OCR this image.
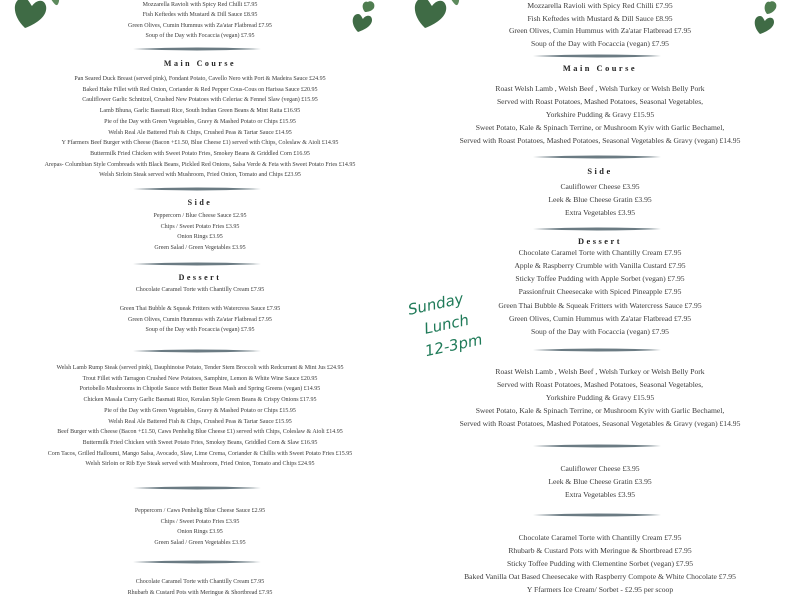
Mozzarella Ravioli with Spicy Red Chilli £7.95
Fish Keftedes with Mustard & Dill Sauce £8.95
Green Olives, Cumin Hummus with Za'atar Flatbread £7.95
Soup of the Day with Focaccia (vegan) £7.95
Main Course
Pan Seared Duck Breast (served pink), Fondant Potato, Cavello Nero with Port & Madeira Sauce £24.95
Baked Hake Fillet with Red Onion, Coriander & Red Pepper Cous-Cous on Harissa Sauce £20.95
Cauliflower Garlic Schnitzel, Crushed New Potatoes with Celeriac & Fennel Slaw (vegan) £15.95
Lamb Bhuna, Garlic Basmati Rice, South Indian Green Beans & Mint Raita £16.95
Pie of the Day with Green Vegetables, Gravy & Mashed Potato or Chips £15.95
Welsh Real Ale Battered Fish & Chips, Crushed Peas & Tartar Sauce £14.95
Y Ffarmers Beef Burger with Cheese (Bacon +£1.50, Blue Cheese £1) served with Chips, Coleslaw & Aioli £14.95
Buttermilk Fried Chicken with Sweet Potato Fries, Smokey Beans & Griddled Corn £16.95
Arepas- Columbian Style Cornbreads with Black Beans, Pickled Red Onions, Salsa Verde & Feta with Sweet Potato Fries £14.95
Welsh Sirloin Steak served with Mushroom, Fried Onion, Tomato and Chips £23.95
Side
Peppercorn / Blue Cheese Sauce £2.95
Chips / Sweet Potato Fries £3.95
Onion Rings £3.95
Green Salad / Green Vegetables £3.95
Dessert
Chocolate Caramel Torte with Chantilly Cream £7.95
Green Thai Bubble & Squeak Fritters with Watercress Sauce £7.95
Green Olives, Cumin Hummus with Za'atar Flatbread £7.95
Soup of the Day with Focaccia (vegan) £7.95
Welsh Lamb Rump Steak (served pink), Dauphinoise Potato, Tender Stem Broccoli with Redcurrant & Mint Jus £24.95
Trout Fillet with Tarragon Crushed New Potatoes, Samphire, Lemon & White Wine Sauce £20.95
Portobello Mushrooms in Chipotle Sauce with Butter Bean Mash and Spring Greens (vegan) £14.95
Chicken Masala Curry Garlic Basmati Rice, Keralan Style Green Beans & Crispy Onions £17.95
Pie of the Day with Green Vegetables, Gravy & Mashed Potato or Chips £15.95
Welsh Real Ale Battered Fish & Chips, Crushed Peas & Tartar Sauce £15.95
Beef Burger with Cheese (Bacon +£1.50, Caws Penhelig Blue Cheese £1) served with Chips, Coleslaw & Aioli £14.95
Buttermilk Fried Chicken with Sweet Potato Fries, Smokey Beans, Griddled Corn & Slaw £16.95
Corn Tacos, Grilled Halloumi, Mango Salsa, Avocado, Slaw, Lime Crema, Coriander & Chillis with Sweet Potato Fries £15.95
Welsh Sirloin or Rib Eye Steak served with Mushroom, Fried Onion, Tomato and Chips £24.95
Peppercorn / Caws Penhelig Blue Cheese Sauce £2.95
Chips / Sweet Potato Fries £3.95
Onion Rings £3.95
Green Salad / Green Vegetables £3.95
Chocolate Caramel Torte with Chantilly Cream £7.95
Rhubarb & Custard Pots with Meringue & Shortbread £7.95
Mozzarella Ravioli with Spicy Red Chilli £7.95
Fish Keftedes with Mustard & Dill Sauce £8.95
Green Olives, Cumin Hummus with Za'atar Flatbread £7.95
Soup of the Day with Focaccia (vegan) £7.95
Main Course
Roast Welsh Lamb , Welsh Beef , Welsh Turkey or Welsh Belly Pork
Served with Roast Potatoes, Mashed Potatoes, Seasonal Vegetables,
Yorkshire Pudding & Gravy £15.95
Sweet Potato, Kale & Spinach Terrine, or Mushroom Kyiv with Garlic Bechamel,
Served with Roast Potatoes, Mashed Potatoes, Seasonal Vegetables & Gravy (vegan) £14.95
Side
Cauliflower Cheese £3.95
Leek & Blue Cheese Gratin £3.95
Extra Vegetables £3.95
Dessert
Chocolate Caramel Torte with Chantilly Cream £7.95
Apple & Raspberry Crumble with Vanilla Custard £7.95
Sticky Toffee Pudding with Apple Sorbet (vegan) £7.95
Passionfruit Cheesecake with Spiced Pineapple £7.95
Green Thai Bubble & Squeak Fritters with Watercress Sauce £7.95
Green Olives, Cumin Hummus with Za'atar Flatbread £7.95
Soup of the Day with Focaccia (vegan) £7.95
Roast Welsh Lamb , Welsh Beef , Welsh Turkey or Welsh Belly Pork
Served with Roast Potatoes, Mashed Potatoes, Seasonal Vegetables,
Yorkshire Pudding & Gravy £15.95
Sweet Potato, Kale & Spinach Terrine, or Mushroom Kyiv with Garlic Bechamel,
Served with Roast Potatoes, Mashed Potatoes, Seasonal Vegetables & Gravy (vegan) £14.95
Cauliflower Cheese £3.95
Leek & Blue Cheese Gratin £3.95
Extra Vegetables £3.95
Chocolate Caramel Torte with Chantilly Cream £7.95
Rhubarb & Custard Pots with Meringue & Shortbread £7.95
Sticky Toffee Pudding with Clementine Sorbet (vegan) £7.95
Baked Vanilla Oat Based Cheesecake with Raspberry Compote & White Chocolate £7.95
Y Ffarmers Ice Cream/ Sorbet - £2.95 per scoop
Sunday
Lunch
12-3pm
